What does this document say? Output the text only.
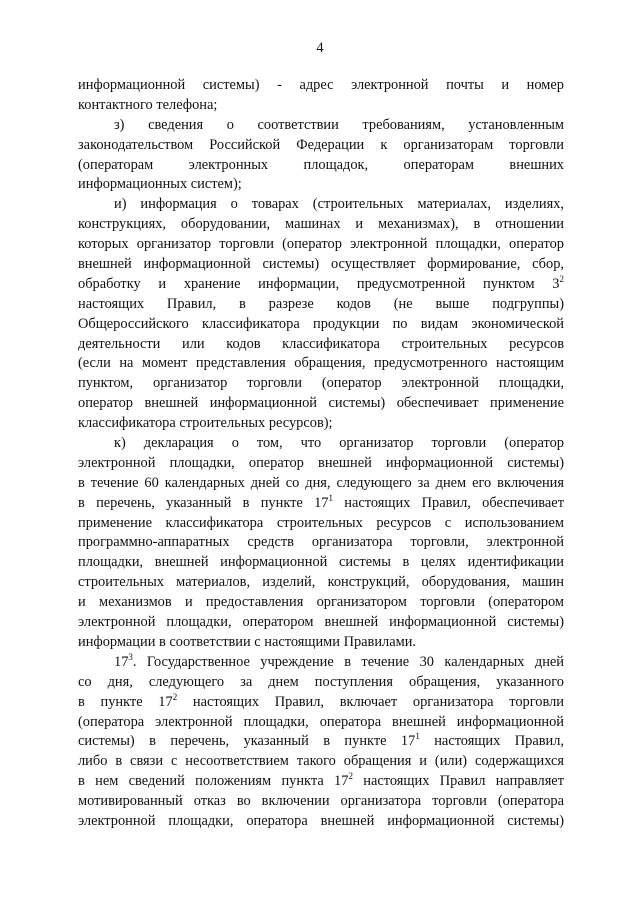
4
информационной системы) - адрес электронной почты и номер
контактного телефона;
з) сведения о соответствии требованиям, установленным
законодательством Российской Федерации к организаторам торговли
(операторам электронных площадок, операторам внешних
информационных систем);
и) информация о товарах (строительных материалах, изделиях,
конструкциях, оборудовании, машинах и механизмах), в отношении
которых организатор торговли (оператор электронной площадки, оператор
внешней информационной системы) осуществляет формирование, сбор,
обработку и хранение информации, предусмотренной пунктом $3^2$
настоящих Правил, в разрезе кодов (не выше подгруппы)
Общероссийского классификатора продукции по видам экономической
деятельности или кодов классификатора строительных ресурсов
(если на момент представления обращения, предусмотренного настоящим
пунктом, организатор торговли (оператор электронной площадки,
оператор внешней информационной системы) обеспечивает применение
классификатора строительных ресурсов);
к) декларация о том, что организатор торговли (оператор
электронной площадки, оператор внешней информационной системы)
в течение 60 календарных дней со дня, следующего за днем его включения
в перечень, указанный в пункте $17^1$ настоящих Правил, обеспечивает
применение классификатора строительных ресурсов с использованием
программно-аппаратных средств организатора торговли, электронной
площадки, внешней информационной системы в целях идентификации
строительных материалов, изделий, конструкций, оборудования, машин
и механизмов и предоставления организатором торговли (оператором
электронной площадки, оператором внешней информационной системы)
информации в соответствии с настоящими Правилами.
$17^3$. Государственное учреждение в течение 30 календарных дней
со дня, следующего за днем поступления обращения, указанного
в пункте $17^2$ настоящих Правил, включает организатора торговли
(оператора электронной площадки, оператора внешней информационной
системы) в перечень, указанный в пункте $17^1$ настоящих Правил,
либо в связи с несоответствием такого обращения и (или) содержащихся
в нем сведений положениям пункта $17^2$ настоящих Правил направляет
мотивированный отказ во включении организатора торговли (оператора
электронной площадки, оператора внешней информационной системы)
